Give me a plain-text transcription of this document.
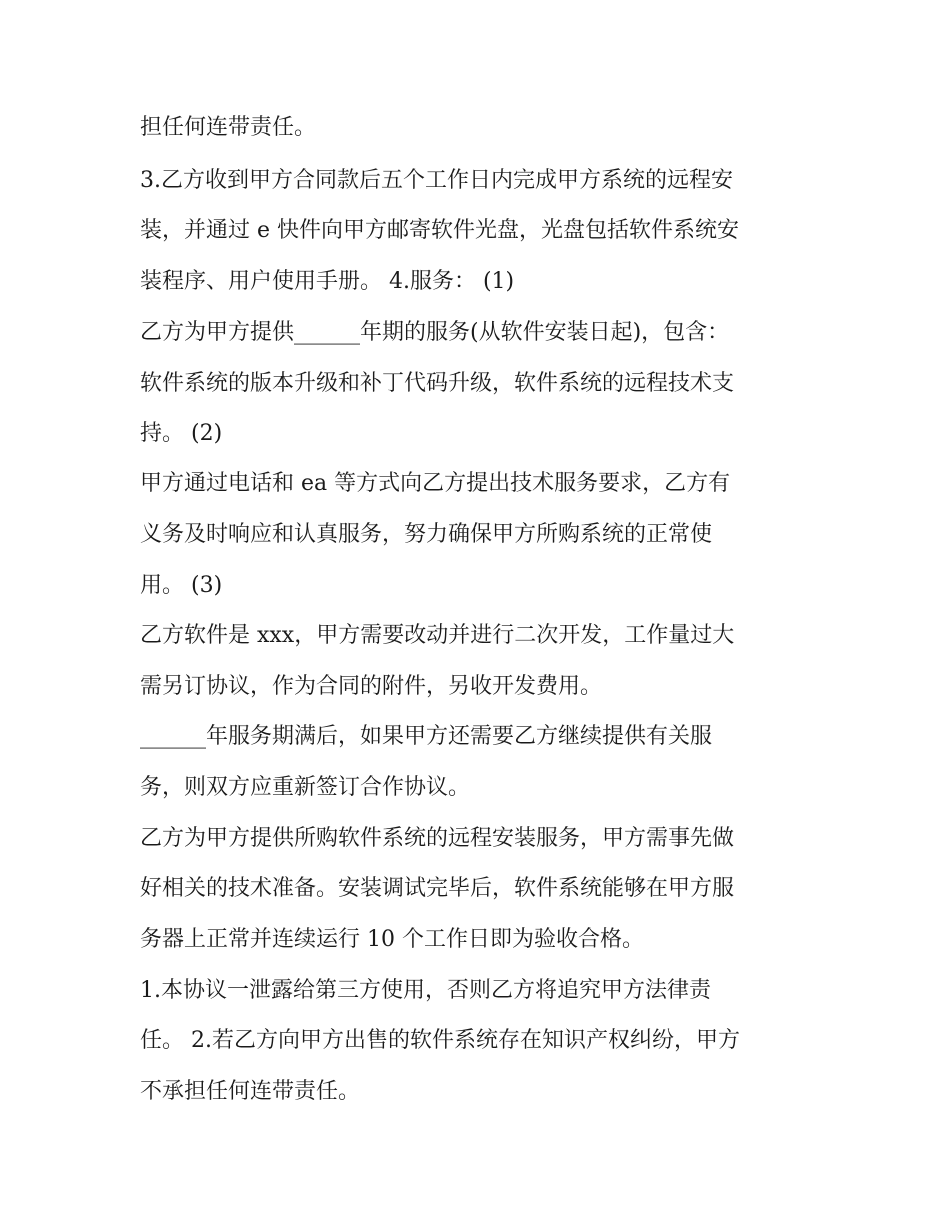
担任何连带责任。

3.乙方收到甲方合同款后五个工作日内完成甲方系统的远程安

装，并通过 e 快件向甲方邮寄软件光盘，光盘包括软件系统安

装程序、用户使用手册。 4.服务： (1)

乙方为甲方提供______年期的服务(从软件安装日起)，包含：

软件系统的版本升级和补丁代码升级，软件系统的远程技术支

持。 (2)

甲方通过电话和 ea 等方式向乙方提出技术服务要求，乙方有

义务及时响应和认真服务，努力确保甲方所购系统的正常使

用。 (3)

乙方软件是 xxx，甲方需要改动并进行二次开发，工作量过大

需另订协议，作为合同的附件，另收开发费用。

______年服务期满后，如果甲方还需要乙方继续提供有关服

务，则双方应重新签订合作协议。

乙方为甲方提供所购软件系统的远程安装服务，甲方需事先做

好相关的技术准备。安装调试完毕后，软件系统能够在甲方服

务器上正常并连续运行 10 个工作日即为验收合格。

1.本协议一泄露给第三方使用，否则乙方将追究甲方法律责

任。 2.若乙方向甲方出售的软件系统存在知识产权纠纷，甲方

不承担任何连带责任。
